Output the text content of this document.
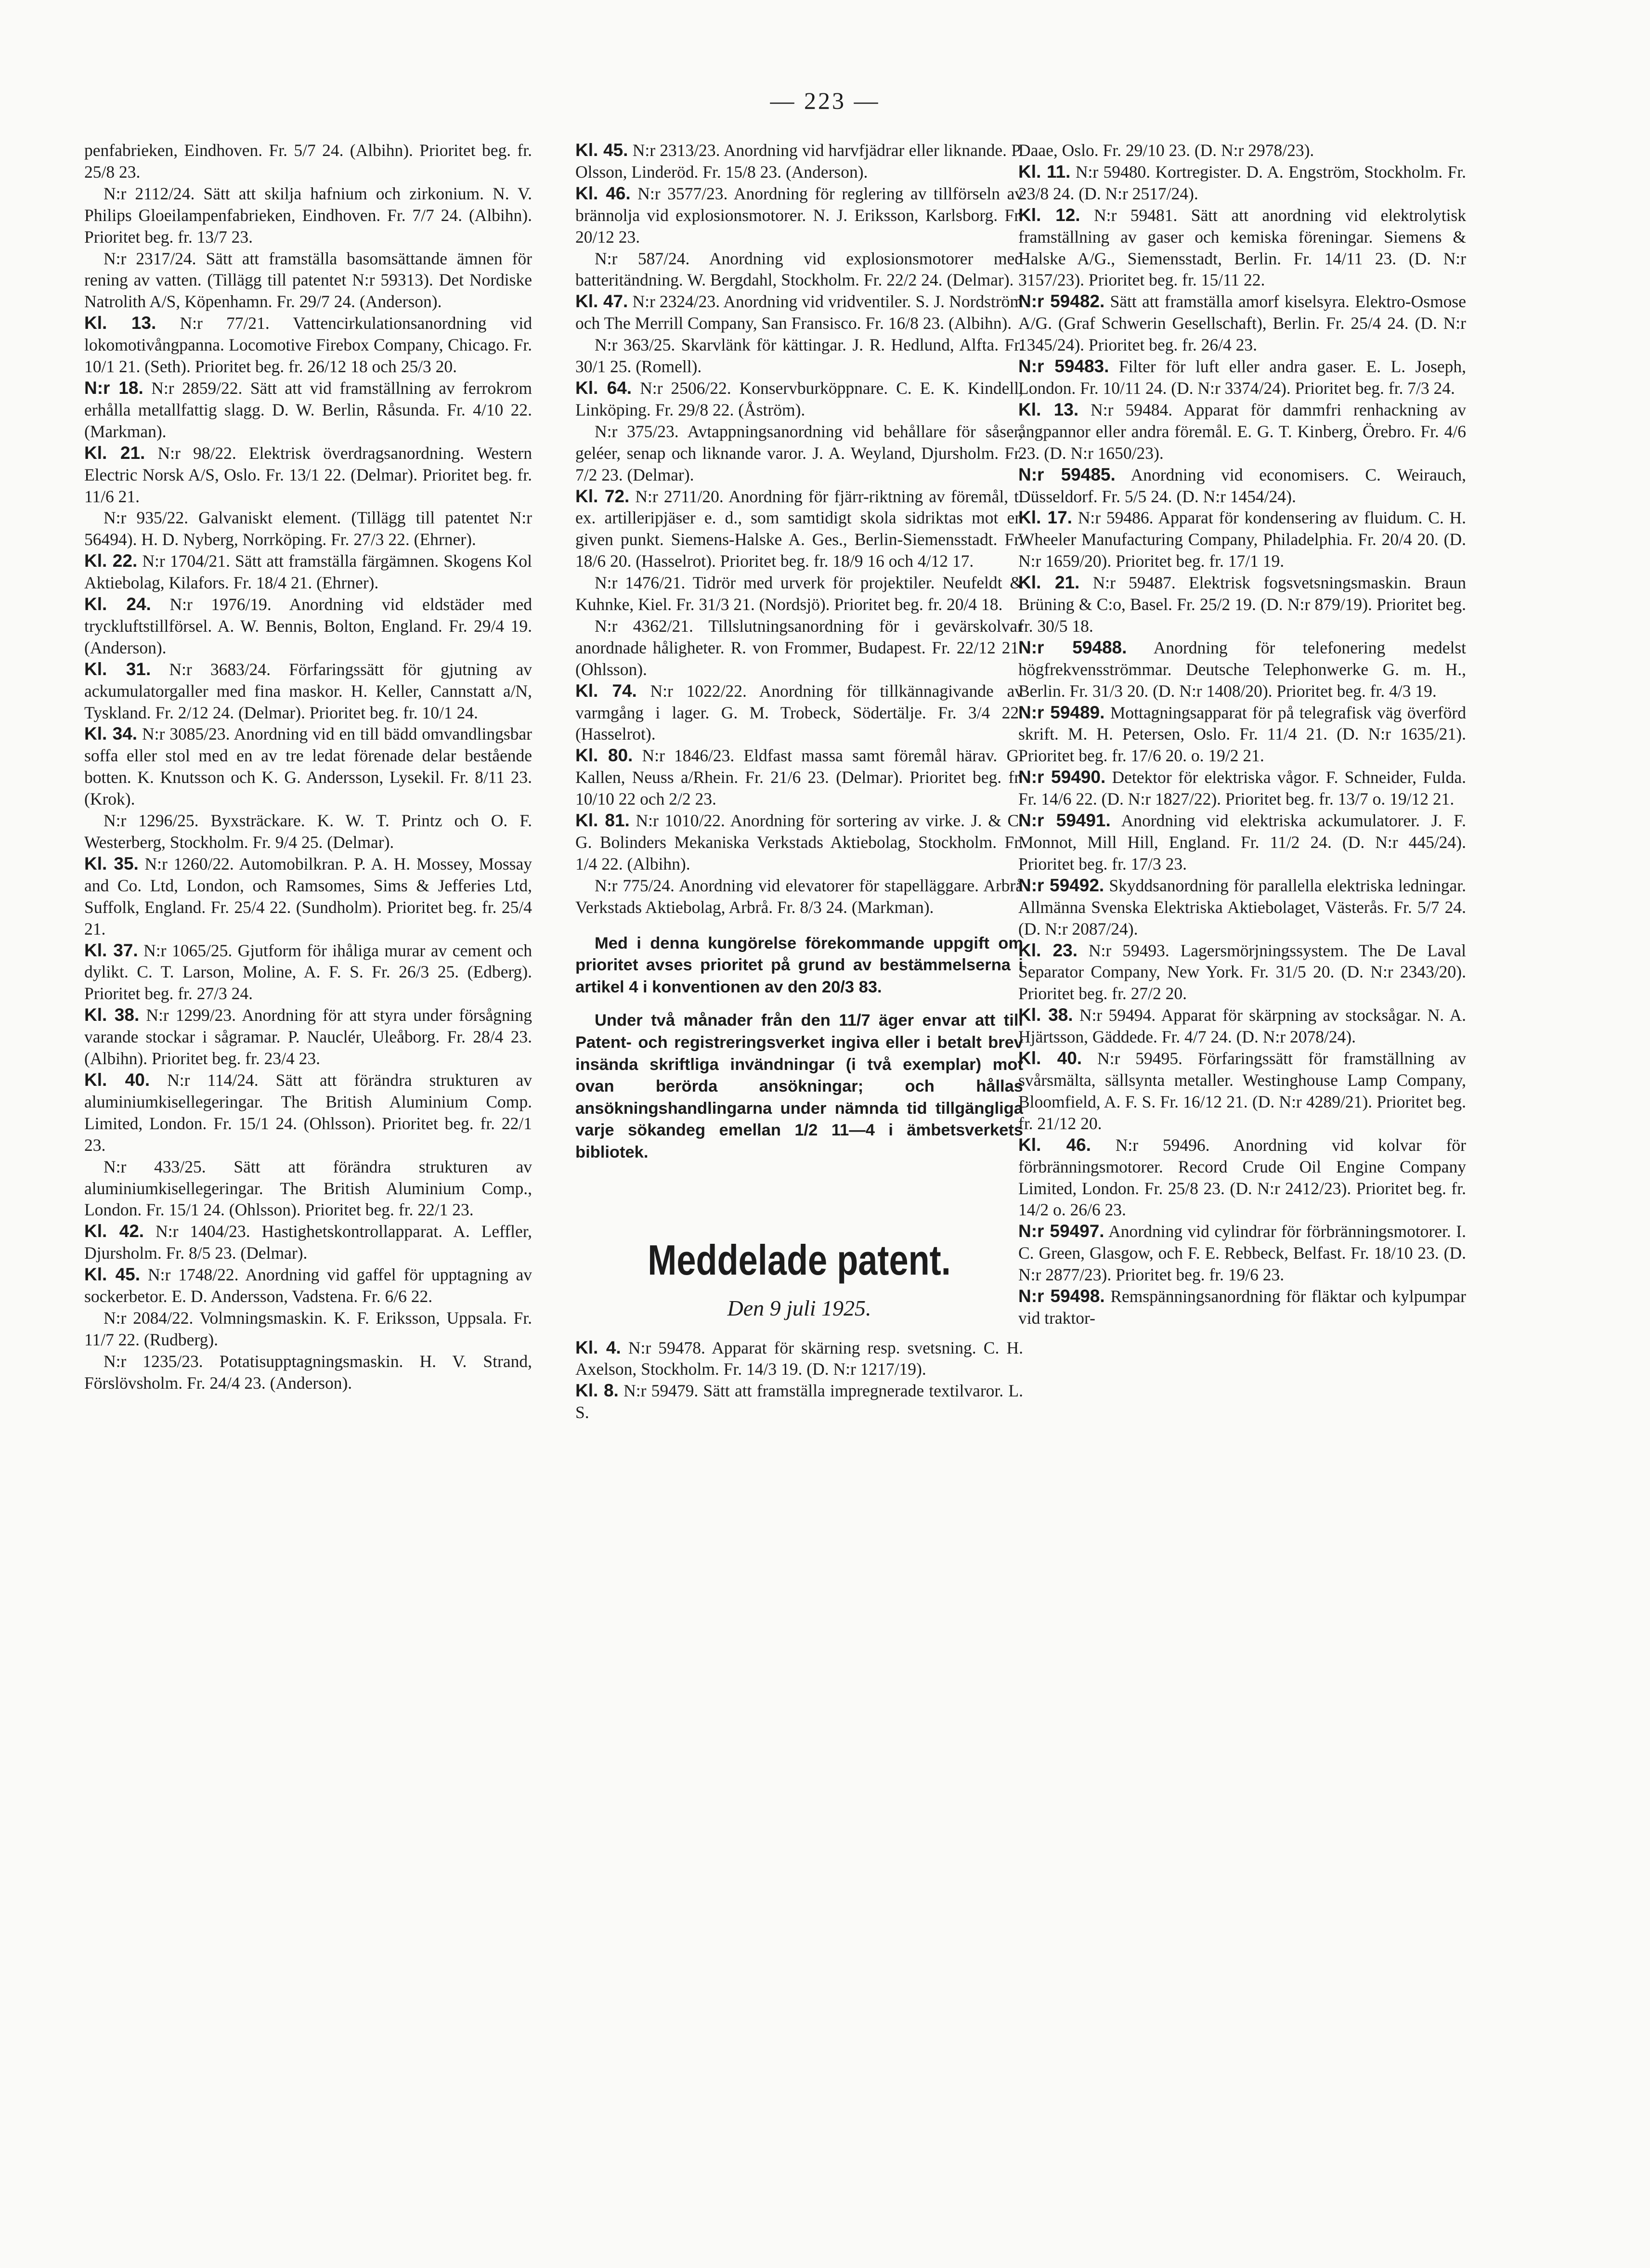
— 223 —

penfabrieken, Eindhoven. Fr. 5/7 24. (Albihn). Prioritet beg. fr. 25/8 23.

N:r 2112/24. Sätt att skilja hafnium och zirkonium. N. V. Philips Gloeilampenfabrieken, Eindhoven. Fr. 7/7 24. (Albihn). Prioritet beg. fr. 13/7 23.

N:r 2317/24. Sätt att framställa basomsättande ämnen för rening av vatten. (Tillägg till patentet N:r 59313). Det Nordiske Natrolith A/S, Köpenhamn. Fr. 29/7 24. (Anderson).

Kl. 13. N:r 77/21. Vattencirkulationsanordning vid lokomotivångpanna. Locomotive Firebox Company, Chicago. Fr. 10/1 21. (Seth). Prioritet beg. fr. 26/12 18 och 25/3 20.

N:r 18. N:r 2859/22. Sätt att vid framställning av ferrokrom erhålla metallfattig slagg. D. W. Berlin, Råsunda. Fr. 4/10 22. (Markman).

Kl. 21. N:r 98/22. Elektrisk överdragsanordning. Western Electric Norsk A/S, Oslo. Fr. 13/1 22. (Delmar). Prioritet beg. fr. 11/6 21.

N:r 935/22. Galvaniskt element. (Tillägg till patentet N:r 56494). H. D. Nyberg, Norrköping. Fr. 27/3 22. (Ehrner).

Kl. 22. N:r 1704/21. Sätt att framställa färgämnen. Skogens Kol Aktiebolag, Kilafors. Fr. 18/4 21. (Ehrner).

Kl. 24. N:r 1976/19. Anordning vid eldstäder med tryckluftstillförsel. A. W. Bennis, Bolton, England. Fr. 29/4 19. (Anderson).

Kl. 31. N:r 3683/24. Förfaringssätt för gjutning av ackumulatorgaller med fina maskor. H. Keller, Cannstatt a/N, Tyskland. Fr. 2/12 24. (Delmar). Prioritet beg. fr. 10/1 24.

Kl. 34. N:r 3085/23. Anordning vid en till bädd omvandlingsbar soffa eller stol med en av tre ledat förenade delar bestående botten. K. Knutsson och K. G. Andersson, Lysekil. Fr. 8/11 23. (Krok).

N:r 1296/25. Byxsträckare. K. W. T. Printz och O. F. Westerberg, Stockholm. Fr. 9/4 25. (Delmar).

Kl. 35. N:r 1260/22. Automobilkran. P. A. H. Mossey, Mossay and Co. Ltd, London, och Ramsomes, Sims & Jefferies Ltd, Suffolk, England. Fr. 25/4 22. (Sundholm). Prioritet beg. fr. 25/4 21.

Kl. 37. N:r 1065/25. Gjutform för ihåliga murar av cement och dylikt. C. T. Larson, Moline, A. F. S. Fr. 26/3 25. (Edberg). Prioritet beg. fr. 27/3 24.

Kl. 38. N:r 1299/23. Anordning för att styra under försågning varande stockar i sågramar. P. Nauclér, Uleåborg. Fr. 28/4 23. (Albihn). Prioritet beg. fr. 23/4 23.

Kl. 40. N:r 114/24. Sätt att förändra strukturen av aluminiumkisellegeringar. The British Aluminium Comp. Limited, London. Fr. 15/1 24. (Ohlsson). Prioritet beg. fr. 22/1 23.

N:r 433/25. Sätt att förändra strukturen av aluminiumkisellegeringar. The British Aluminium Comp., London. Fr. 15/1 24. (Ohlsson). Prioritet beg. fr. 22/1 23.

Kl. 42. N:r 1404/23. Hastighetskontrollapparat. A. Leffler, Djursholm. Fr. 8/5 23. (Delmar).

Kl. 45. N:r 1748/22. Anordning vid gaffel för upptagning av sockerbetor. E. D. Andersson, Vadstena. Fr. 6/6 22.

N:r 2084/22. Volmningsmaskin. K. F. Eriksson, Uppsala. Fr. 11/7 22. (Rudberg).

N:r 1235/23. Potatisupptagningsmaskin. H. V. Strand, Förslövsholm. Fr. 24/4 23. (Anderson).

Kl. 45. N:r 2313/23. Anordning vid harvfjädrar eller liknande. P. Olsson, Linderöd. Fr. 15/8 23. (Anderson).

Kl. 46. N:r 3577/23. Anordning för reglering av tillförseln av brännolja vid explosionsmotorer. N. J. Eriksson, Karlsborg. Fr. 20/12 23.

N:r 587/24. Anordning vid explosionsmotorer med batteritändning. W. Bergdahl, Stockholm. Fr. 22/2 24. (Delmar).

Kl. 47. N:r 2324/23. Anordning vid vridventiler. S. J. Nordström och The Merrill Company, San Fransisco. Fr. 16/8 23. (Albihn).

N:r 363/25. Skarvlänk för kättingar. J. R. Hedlund, Alfta. Fr. 30/1 25. (Romell).

Kl. 64. N:r 2506/22. Konservburköppnare. C. E. K. Kindell, Linköping. Fr. 29/8 22. (Åström).

N:r 375/23. Avtappningsanordning vid behållare för såser, geléer, senap och liknande varor. J. A. Weyland, Djursholm. Fr. 7/2 23. (Delmar).

Kl. 72. N:r 2711/20. Anordning för fjärr-riktning av föremål, t. ex. artilleripjäser e. d., som samtidigt skola sidriktas mot en given punkt. Siemens-Halske A. Ges., Berlin-Siemensstadt. Fr. 18/6 20. (Hasselrot). Prioritet beg. fr. 18/9 16 och 4/12 17.

N:r 1476/21. Tidrör med urverk för projektiler. Neufeldt & Kuhnke, Kiel. Fr. 31/3 21. (Nordsjö). Prioritet beg. fr. 20/4 18.

N:r 4362/21. Tillslutningsanordning för i gevärskolvar anordnade håligheter. R. von Frommer, Budapest. Fr. 22/12 21. (Ohlsson).

Kl. 74. N:r 1022/22. Anordning för tillkännagivande av varmgång i lager. G. M. Trobeck, Södertälje. Fr. 3/4 22. (Hasselrot).

Kl. 80. N:r 1846/23. Eldfast massa samt föremål härav. G. Kallen, Neuss a/Rhein. Fr. 21/6 23. (Delmar). Prioritet beg. fr. 10/10 22 och 2/2 23.

Kl. 81. N:r 1010/22. Anordning för sortering av virke. J. & C. G. Bolinders Mekaniska Verkstads Aktiebolag, Stockholm. Fr. 1/4 22. (Albihn).

N:r 775/24. Anordning vid elevatorer för stapelläggare. Arbrå Verkstads Aktiebolag, Arbrå. Fr. 8/3 24. (Markman).

Med i denna kungörelse förekommande uppgift om prioritet avses prioritet på grund av bestämmelserna i artikel 4 i konventionen av den 20/3 83.

Under två månader från den 11/7 äger envar att till Patent- och registreringsverket ingiva eller i betalt brev insända skriftliga invändningar (i två exemplar) mot ovan berörda ansökningar; och hållas ansökningshandlingarna under nämnda tid tillgängliga varje sökandeg emellan 1/2 11—4 i ämbetsverkets bibliotek.

Meddelade patent.
Den 9 juli 1925.

Kl. 4. N:r 59478. Apparat för skärning resp. svetsning. C. H. Axelson, Stockholm. Fr. 14/3 19. (D. N:r 1217/19).

Kl. 8. N:r 59479. Sätt att framställa impregnerade textilvaror. L. S.

Daae, Oslo. Fr. 29/10 23. (D. N:r 2978/23).

Kl. 11. N:r 59480. Kortregister. D. A. Engström, Stockholm. Fr. 23/8 24. (D. N:r 2517/24).

Kl. 12. N:r 59481. Sätt att anordning vid elektrolytisk framställning av gaser och kemiska föreningar. Siemens & Halske A/G., Siemensstadt, Berlin. Fr. 14/11 23. (D. N:r 3157/23). Prioritet beg. fr. 15/11 22.

N:r 59482. Sätt att framställa amorf kiselsyra. Elektro-Osmose A/G. (Graf Schwerin Gesellschaft), Berlin. Fr. 25/4 24. (D. N:r 1345/24). Prioritet beg. fr. 26/4 23.

N:r 59483. Filter för luft eller andra gaser. E. L. Joseph, London. Fr. 10/11 24. (D. N:r 3374/24). Prioritet beg. fr. 7/3 24.

Kl. 13. N:r 59484. Apparat för dammfri renhackning av ångpannor eller andra föremål. E. G. T. Kinberg, Örebro. Fr. 4/6 23. (D. N:r 1650/23).

N:r 59485. Anordning vid economisers. C. Weirauch, Düsseldorf. Fr. 5/5 24. (D. N:r 1454/24).

Kl. 17. N:r 59486. Apparat för kondensering av fluidum. C. H. Wheeler Manufacturing Company, Philadelphia. Fr. 20/4 20. (D. N:r 1659/20). Prioritet beg. fr. 17/1 19.

Kl. 21. N:r 59487. Elektrisk fogsvetsningsmaskin. Braun Brüning & C:o, Basel. Fr. 25/2 19. (D. N:r 879/19). Prioritet beg. fr. 30/5 18.

N:r 59488. Anordning för telefonering medelst högfrekvensströmmar. Deutsche Telephonwerke G. m. H., Berlin. Fr. 31/3 20. (D. N:r 1408/20). Prioritet beg. fr. 4/3 19.

N:r 59489. Mottagningsapparat för på telegrafisk väg överförd skrift. M. H. Petersen, Oslo. Fr. 11/4 21. (D. N:r 1635/21). Prioritet beg. fr. 17/6 20. o. 19/2 21.

N:r 59490. Detektor för elektriska vågor. F. Schneider, Fulda. Fr. 14/6 22. (D. N:r 1827/22). Prioritet beg. fr. 13/7 o. 19/12 21.

N:r 59491. Anordning vid elektriska ackumulatorer. J. F. Monnot, Mill Hill, England. Fr. 11/2 24. (D. N:r 445/24). Prioritet beg. fr. 17/3 23.

N:r 59492. Skyddsanordning för parallella elektriska ledningar. Allmänna Svenska Elektriska Aktiebolaget, Västerås. Fr. 5/7 24. (D. N:r 2087/24).

Kl. 23. N:r 59493. Lagersmörjningssystem. The De Laval Separator Company, New York. Fr. 31/5 20. (D. N:r 2343/20). Prioritet beg. fr. 27/2 20.

Kl. 38. N:r 59494. Apparat för skärpning av stocksågar. N. A. Hjärtsson, Gäddede. Fr. 4/7 24. (D. N:r 2078/24).

Kl. 40. N:r 59495. Förfaringssätt för framställning av svårsmälta, sällsynta metaller. Westinghouse Lamp Company, Bloomfield, A. F. S. Fr. 16/12 21. (D. N:r 4289/21). Prioritet beg. fr. 21/12 20.

Kl. 46. N:r 59496. Anordning vid kolvar för förbränningsmotorer. Record Crude Oil Engine Company Limited, London. Fr. 25/8 23. (D. N:r 2412/23). Prioritet beg. fr. 14/2 o. 26/6 23.

N:r 59497. Anordning vid cylindrar för förbränningsmotorer. I. C. Green, Glasgow, och F. E. Rebbeck, Belfast. Fr. 18/10 23. (D. N:r 2877/23). Prioritet beg. fr. 19/6 23.

N:r 59498. Remspänningsanordning för fläktar och kylpumpar vid traktor-
